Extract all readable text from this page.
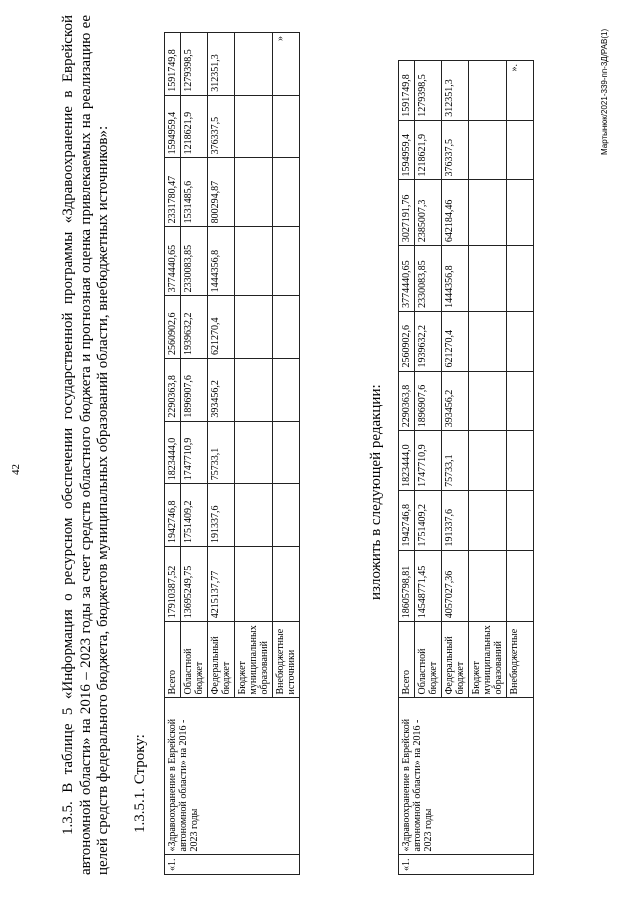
42	1.3.5. В таблице 5 «Информация о ресурсном обеспечении государственной программы «Здравоохранение в Еврейской автономной области» на 2016 – 2023 годы за счет средств областного бюджета и прогнозная оценка привлекаемых на реализацию ее целей средств федерального бюджета, бюджетов муниципальных образований области, внебюджетных источников»: 1.3.5.1. Строку:
«1.	«Здравоохранение в Еврейской автономной области» на 2016 - 2023 годы	Всего	17910387,52	1942746,8	1823444,0	2290363,8	2560902,6	3774440,65	2331780,47	1594959,4	1591749,8
		Областной бюджет	13695249,75	1751409,2	1747710,9	1896907,6	1939632,2	2330083,85	1531485,6	1218621,9	1279398,5
		Федеральный бюджет	4215137,77	191337,6	75733,1	393456,2	621270,4	1444356,8	800294,87	376337,5	312351,3
		Бюджет муниципальных образований									
		Внебюджетные источники									»
изложить в следующей редакции:
«1.	«Здравоохранение в Еврейской автономной области» на 2016 - 2023 годы	Всего	18605798,81	1942746,8	1823444,0	2290363,8	2560902,6	3774440,65	3027191,76	1594959,4	1591749,8
		Областной бюджет	14548771,45	1751409,2	1747710,9	1896907,6	1939632,2	2330083,85	2385007,3	1218621,9	1279398,5
		Федеральный бюджет	4057027,36	191337,6	75733,1	393456,2	621270,4	1444356,8	642184,46	376337,5	312351,3
		Бюджет муниципальных образований									
		Внебюджетные									».	Мартынюк/2021-339-пп-3Д/PAB(1)
